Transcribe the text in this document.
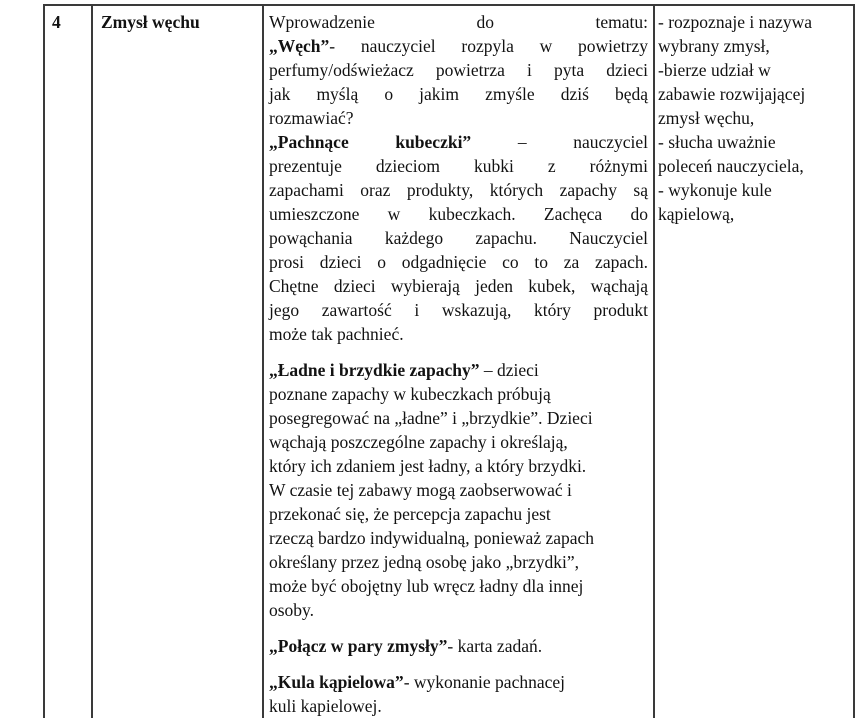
4	Zmysł węchu	Wprowadzenie do tematu:
„Węch”- nauczyciel rozpyla w powietrzy
perfumy/odświeżacz powietrza i pyta dzieci
jak myślą o jakim zmyśle dziś będą
rozmawiać?
„Pachnące kubeczki” – nauczyciel
prezentuje dzieciom kubki z różnymi
zapachami oraz produkty, których zapachy są
umieszczone w kubeczkach. Zachęca do
powąchania każdego zapachu. Nauczyciel
prosi dzieci o odgadnięcie co to za zapach.
Chętne dzieci wybierają jeden kubek, wąchają
jego zawartość i wskazują, który produkt
może tak pachnieć.
„Ładne i brzydkie zapachy” – dzieci
poznane zapachy w kubeczkach próbują
posegregować na „ładne” i „brzydkie”. Dzieci
wąchają poszczególne zapachy i określają,
który ich zdaniem jest ładny, a który brzydki.
W czasie tej zabawy mogą zaobserwować i
przekonać się, że percepcja zapachu jest
rzeczą bardzo indywidualną, ponieważ zapach
określany przez jedną osobę jako „brzydki”,
może być obojętny lub wręcz ładny dla innej
osoby.
„Połącz w pary zmysły”- karta zadań.
„Kula kąpielowa”- wykonanie pachnacej
kuli kapielowej.
- rozpoznaje i nazywa
wybrany zmysł,
-bierze udział w
zabawie rozwijającej
zmysł węchu,
- słucha uważnie
poleceń nauczyciela,
- wykonuje kule
kąpielową,
